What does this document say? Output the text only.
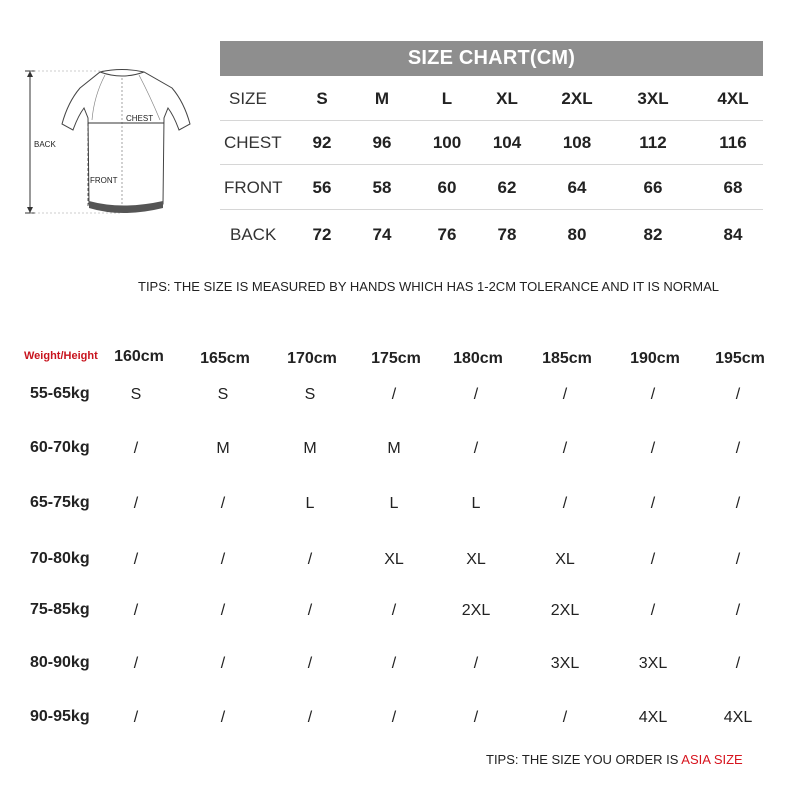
BACK
CHEST
FRONT
SIZE CHART(CM)
SIZE	S	M	L	XL	2XL	3XL	4XL
CHEST 92 96 100 104 108	112	116
FRONT 56 58	60 62	64	66	68
BACK 72 74	76 78	80	82	84
TIPS: THE SIZE IS MEASURED BY HANDS WHICH HAS 1-2CM TOLERANCE AND IT IS NORMAL
Weight/Height 160cm 165cm 170cm 175cm 180cm 185cm 190cm 195cm
55-65kg	S	S	S	/	/	/	/	/
60-70kg	/	M	M	M	/	/	/	/
65-75kg	/	/	L	L	L	/	/	/
70-80kg	/	/	/	XL	XL	XL	/	/
75-85kg	/	/	/	/	2XL	2XL	/	/
80-90kg	/	/	/	/	/	3XL	3XL	/
90-95kg	/	/	/	/	/	/	4XL	4XL
TIPS: THE SIZE YOU ORDER IS ASIA SIZE
